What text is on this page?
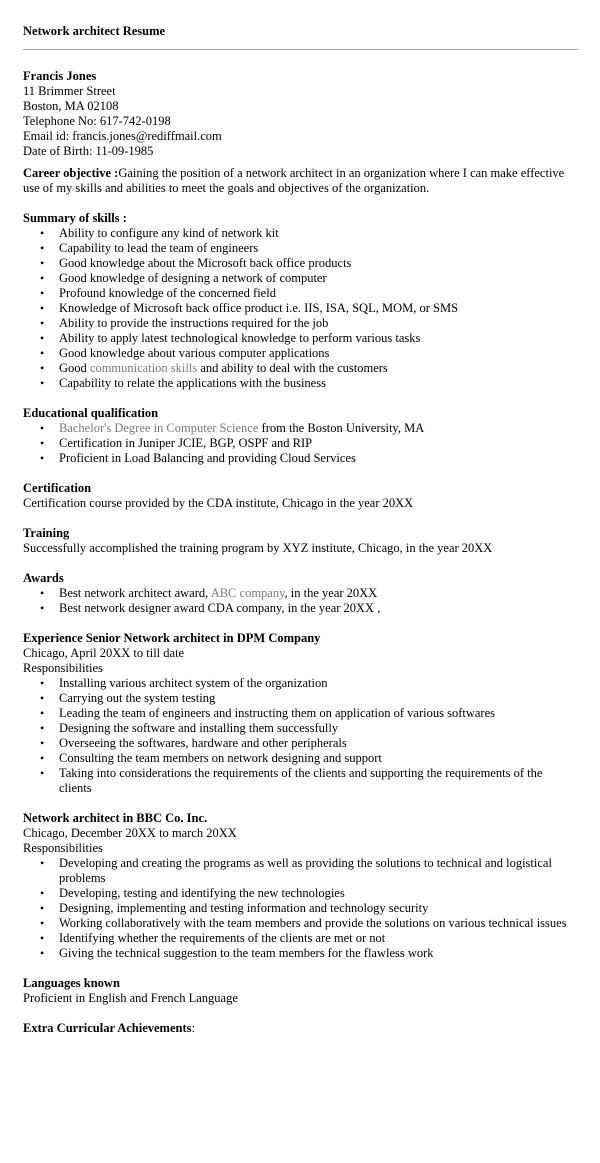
Network architect Resume
Francis Jones
11 Brimmer Street
Boston, MA 02108
Telephone No: 617-742-0198
Email id: francis.jones@rediffmail.com
Date of Birth: 11-09-1985
Career objective :Gaining the position of a network architect in an organization where I can make effective use of my skills and abilities to meet the goals and objectives of the organization.
Summary of skills :
• Ability to configure any kind of network kit
• Capability to lead the team of engineers
• Good knowledge about the Microsoft back office products
• Good knowledge of designing a network of computer
• Profound knowledge of the concerned field
• Knowledge of Microsoft back office product i.e. IIS, ISA, SQL, MOM, or SMS
• Ability to provide the instructions required for the job
• Ability to apply latest technological knowledge to perform various tasks
• Good knowledge about various computer applications
• Good communication skills and ability to deal with the customers
• Capability to relate the applications with the business
Educational qualification
• Bachelor's Degree in Computer Science from the Boston University, MA
• Certification in Juniper JCIE, BGP, OSPF and RIP
• Proficient in Load Balancing and providing Cloud Services
Certification
Certification course provided by the CDA institute, Chicago in the year 20XX
Training
Successfully accomplished the training program by XYZ institute, Chicago, in the year 20XX
Awards
• Best network architect award, ABC company, in the year 20XX
• Best network designer award CDA company, in the year 20XX ,
Experience Senior Network architect in DPM Company
Chicago, April 20XX to till date
Responsibilities
• Installing various architect system of the organization
• Carrying out the system testing
• Leading the team of engineers and instructing them on application of various softwares
• Designing the software and installing them successfully
• Overseeing the softwares, hardware and other peripherals
• Consulting the team members on network designing and support
• Taking into considerations the requirements of the clients and supporting the requirements of the clients
Network architect in BBC Co. Inc.
Chicago, December 20XX to march 20XX
Responsibilities
• Developing and creating the programs as well as providing the solutions to technical and logistical problems
• Developing, testing and identifying the new technologies
• Designing, implementing and testing information and technology security
• Working collaboratively with the team members and provide the solutions on various technical issues
• Identifying whether the requirements of the clients are met or not
• Giving the technical suggestion to the team members for the flawless work
Languages known
Proficient in English and French Language
Extra Curricular Achievements:
